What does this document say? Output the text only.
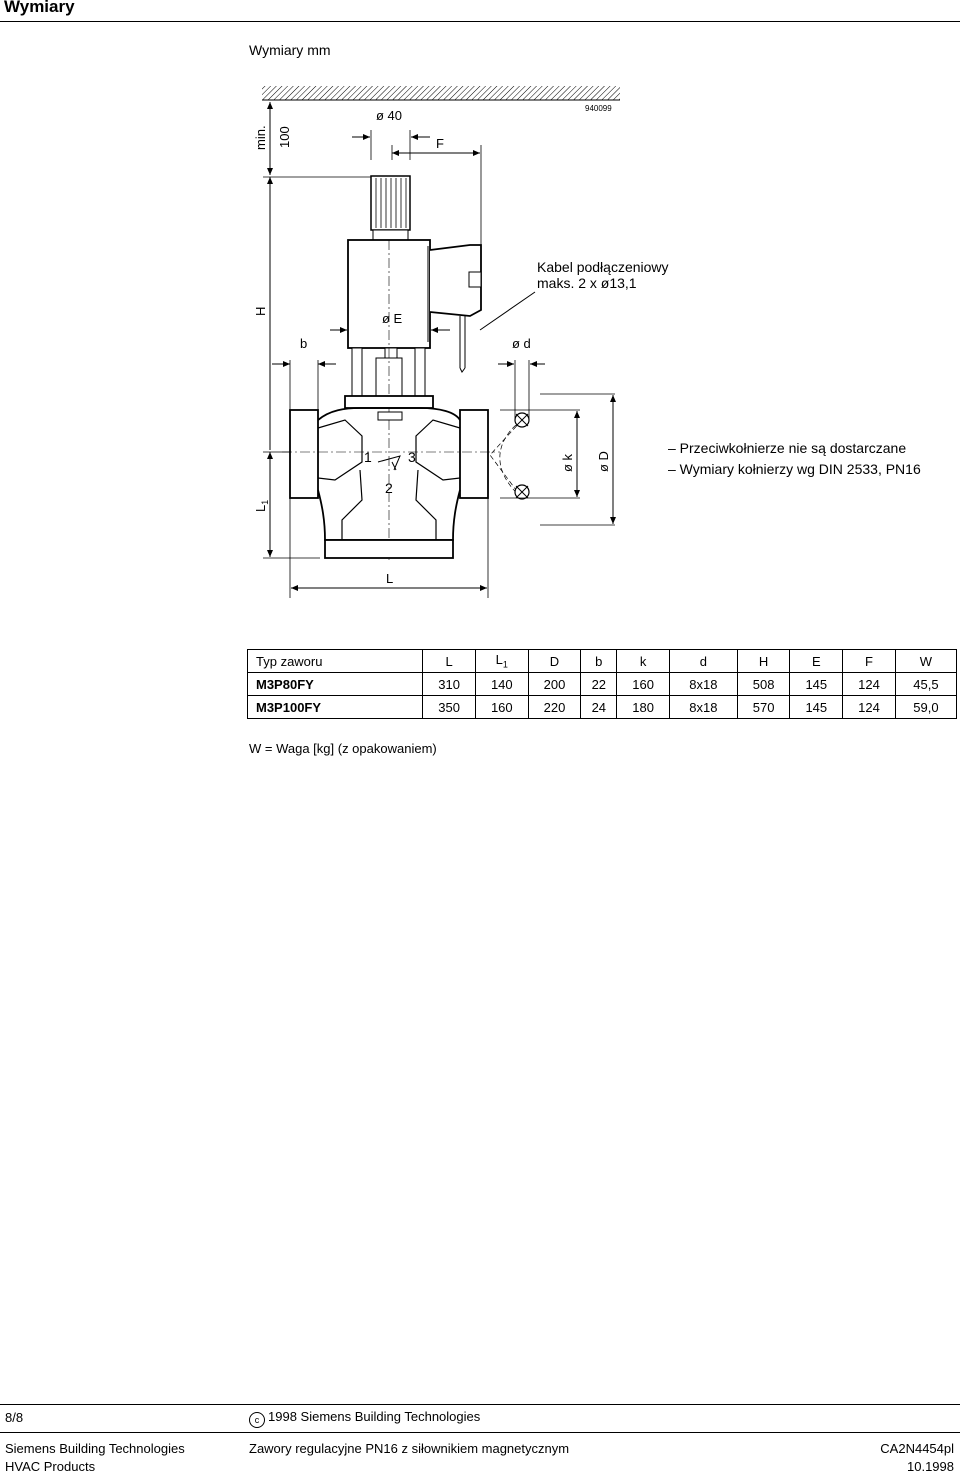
Wymiary
Wymiary mm
940099
min. 100
H
$L_1$
ø 40
F
ø E
b	ø d
1	3
2
ø k ø D
L
Kabel podłączeniowy
maks. 2 x ø13,1
– Przeciwkołnierze nie są dostarczane
– Wymiary kołnierzy wg DIN 2533, PN16
Typ zaworu	L	$L_1$	D	b	k	d	H	E	F	W
M3P80FY	310	140	200	22	160	8x18	508	145	124	45,5
M3P100FY	350	160	220	24	180	8x18	570	145	124	59,0
W = Waga [kg] (z opakowaniem)
8/8	c 1998 Siemens Building Technologies
Siemens Building Technologies
HVAC Products
Zawory regulacyjne PN16 z siłownikiem magnetycznym	CA2N4454pl
10.1998
